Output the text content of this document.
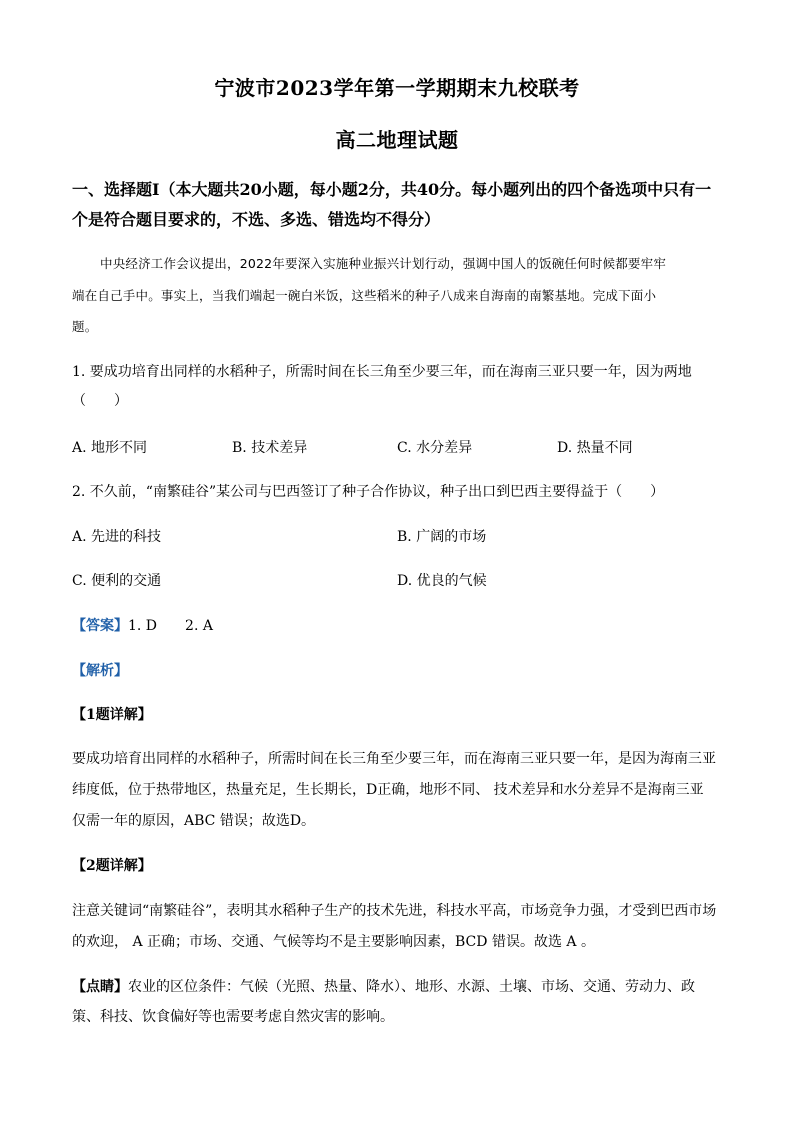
宁波市2023学年第一学期期末九校联考
高二地理试题
一、选择题Ⅰ（本大题共20小题，每小题2分，共40分。每小题列出的四个备选项中只有一
个是符合题目要求的，不选、多选、错选均不得分）
中央经济工作会议提出，2022年要深入实施种业振兴计划行动，强调中国人的饭碗任何时候都要牢牢
端在自己手中。事实上，当我们端起一碗白米饭，这些稻米的种子八成来自海南的南繁基地。完成下面小
题。
1. 要成功培育出同样的水稻种子，所需时间在长三角至少要三年，而在海南三亚只要一年，因为两地
（　　）
A. 地形不同	B. 技术差异	C. 水分差异	D. 热量不同
2. 不久前，“南繁硅谷”某公司与巴西签订了种子合作协议，种子出口到巴西主要得益于（　　）
A. 先进的科技	B. 广阔的市场
C. 便利的交通	D. 优良的气候
【答案】1. D　　2. A
【解析】
【1题详解】
要成功培育出同样的水稻种子，所需时间在长三角至少要三年，而在海南三亚只要一年，是因为海南三亚
纬度低，位于热带地区，热量充足，生长期长，D正确，地形不同、 技术差异和水分差异不是海南三亚
仅需一年的原因，ABC 错误；故选D。
【2题详解】
注意关键词“南繁硅谷”，表明其水稻种子生产的技术先进，科技水平高，市场竞争力强，才受到巴西市场
的欢迎， A 正确；市场、交通、气候等均不是主要影响因素，BCD 错误。故选 A 。
【点睛】农业的区位条件：气候（光照、热量、降水）、地形、水源、土壤、市场、交通、劳动力、政
策、科技、饮食偏好等也需要考虑自然灾害的影响。
